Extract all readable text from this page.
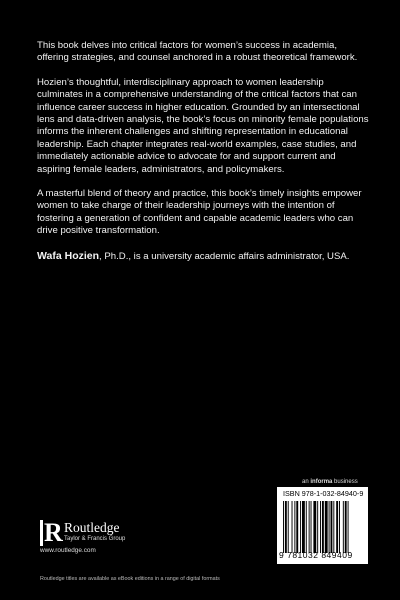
This book delves into critical factors for women’s success in academia, offering strategies, and counsel anchored in a robust theoretical framework.

Hozien’s thoughtful, interdisciplinary approach to women leadership culminates in a comprehensive understanding of the critical factors that can influence career success in higher education. Grounded by an intersectional lens and data-driven analysis, the book’s focus on minority female populations informs the inherent challenges and shifting representation in educational leadership. Each chapter integrates real-world examples, case studies, and immediately actionable advice to advocate for and support current and aspiring female leaders, administrators, and policymakers.

A masterful blend of theory and practice, this book’s timely insights empower women to take charge of their leadership journeys with the intention of fostering a generation of confident and capable academic leaders who can drive positive transformation.

Wafa Hozien, Ph.D., is a university academic affairs administrator, USA.
an informa business
R Routledge
Taylor & Francis Group
www.routledge.com
ISBN 978-1-032-84940-9
9 781032 849409
Routledge titles are available as eBook editions in a range of digital formats
